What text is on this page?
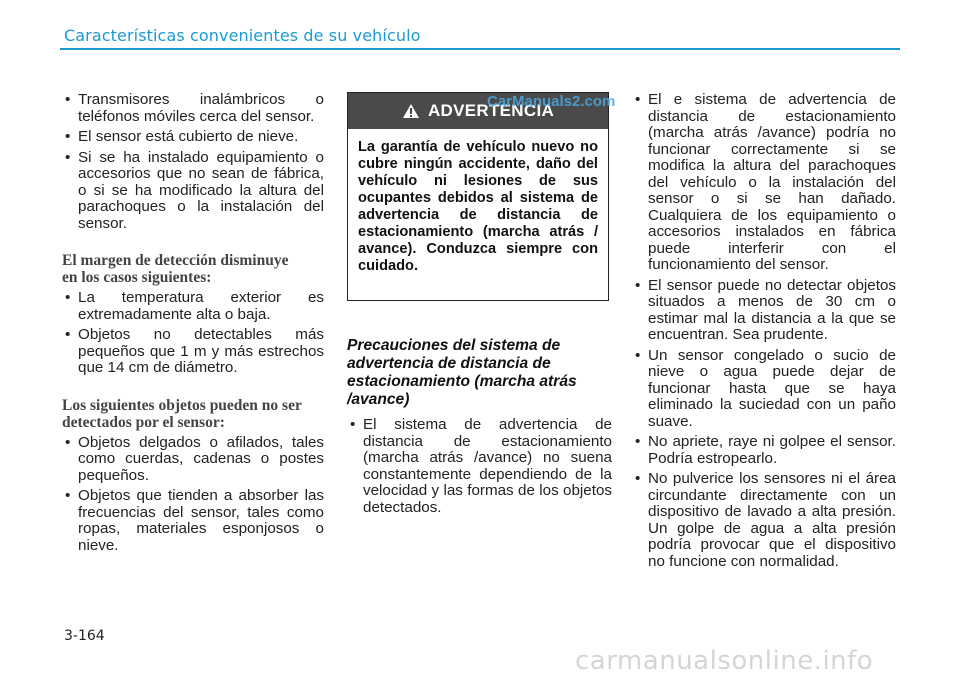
Características convenientes de su vehículo
• Transmisores inalámbricos o teléfonos móviles cerca del sensor.
• El sensor está cubierto de nieve.
• Si se ha instalado equipamiento o accesorios que no sean de fábrica, o si se ha modificado la altura del parachoques o la instalación del sensor.
El margen de detección disminuye en los casos siguientes:
• La temperatura exterior es extremadamente alta o baja.
• Objetos no detectables más pequeños que 1 m y más estrechos que 14 cm de diámetro.
Los siguientes objetos pueden no ser detectados por el sensor:
• Objetos delgados o afilados, tales como cuerdas, cadenas o postes pequeños.
• Objetos que tienden a absorber las frecuencias del sensor, tales como ropas, materiales esponjosos o nieve.
ADVERTENCIA
La garantía de vehículo nuevo no cubre ningún accidente, daño del vehículo ni lesiones de sus ocupantes debidos al sistema de advertencia de distancia de estacionamiento (marcha atrás / avance). Conduzca siempre con cuidado.
Precauciones del sistema de advertencia de distancia de estacionamiento (marcha atrás /avance)
• El sistema de advertencia de distancia de estacionamiento (marcha atrás /avance) no suena constantemente dependiendo de la velocidad y las formas de los objetos detectados.
• El e sistema de advertencia de distancia de estacionamiento (marcha atrás /avance) podría no funcionar correctamente si se modifica la altura del parachoques del vehículo o la instalación del sensor o si se han dañado. Cualquiera de los equipamiento o accesorios instalados en fábrica puede interferir con el funcionamiento del sensor.
• El sensor puede no detectar objetos situados a menos de 30 cm o estimar mal la distancia a la que se encuentran. Sea prudente.
• Un sensor congelado o sucio de nieve o agua puede dejar de funcionar hasta que se haya eliminado la suciedad con un paño suave.
• No apriete, raye ni golpee el sensor. Podría estropearlo.
• No pulverice los sensores ni el área circundante directamente con un dispositivo de lavado a alta presión. Un golpe de agua a alta presión podría provocar que el dispositivo no funcione con normalidad.
CarManuals2.com
3-164
carmanualsonline.info
